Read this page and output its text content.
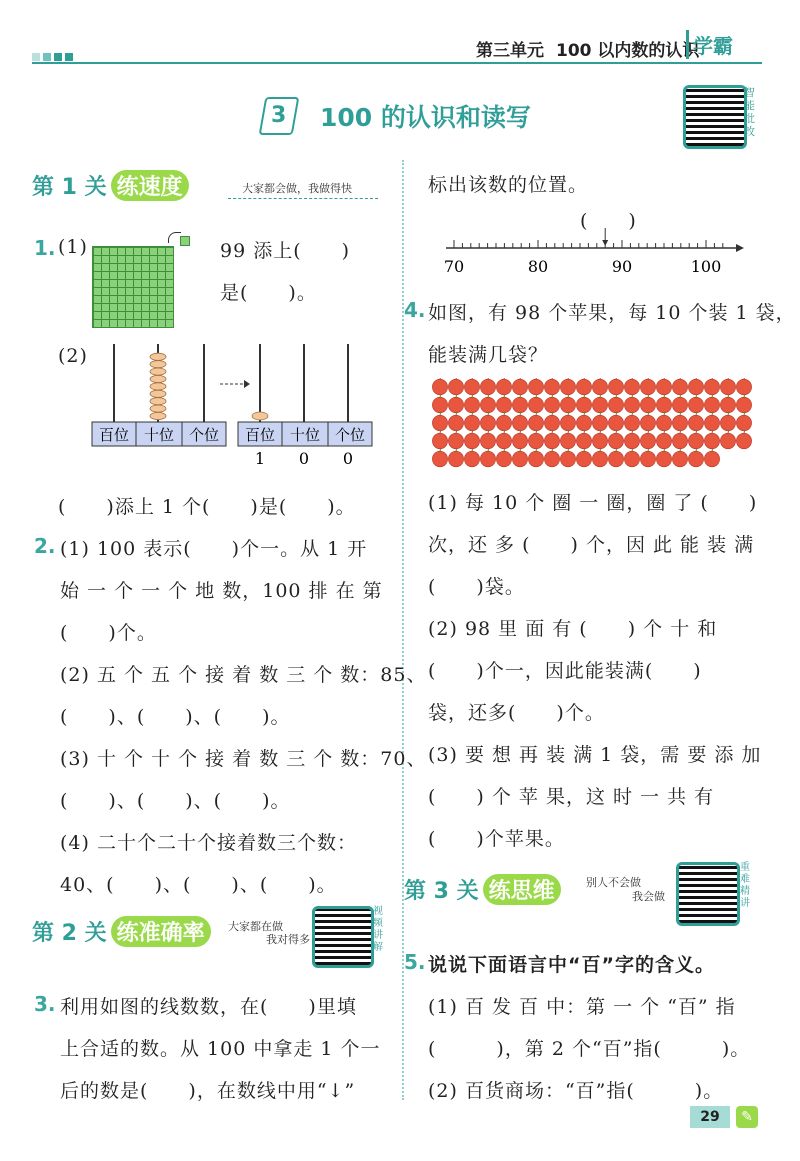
第三单元 100 以内数的认识
学霸
3	100 的认识和读写
智能批改
第 1 关 练速度	大家都会做，我做得快
1. (1)	99 添上(　　)
是(　　)。
(2)
百位 十位 个位 百位 十位 个位
1 0 0
(　　)添上 1 个(　　)是(　　)。
2. (1) 100 表示(　　)个一。从 1 开
始 一 个 一 个 地 数，100 排 在 第
(　　)个。
(2) 五 个 五 个 接 着 数 三 个 数：85、
(　　)、(　　)、(　　)。
(3) 十 个 十 个 接 着 数 三 个 数：70、
(　　)、(　　)、(　　)。
(4) 二十个二十个接着数三个数：
40、(　　)、(　　)、(　　)。
第 2 关 练准确率	大家都在做
我对得多
视频讲解
3. 利用如图的线数数，在(　　)里填
上合适的数。从 100 中拿走 1 个一
后的数是(　　)，在数线中用“↓”
标出该数的位置。
(　　)
70	80	90	100
4. 如图，有 98 个苹果，每 10 个装 1 袋，
能装满几袋？
(1) 每 10 个 圈 一 圈，圈 了 (　　)
次，还 多 (　　) 个，因 此 能 装 满
(　　)袋。
(2) 98 里 面 有 (　　) 个 十 和
(　　)个一，因此能装满(　　)
袋，还多(　　)个。
(3) 要 想 再 装 满 1 袋，需 要 添 加
(　　) 个 苹 果，这 时 一 共 有
(　　)个苹果。
第 3 关 练思维	别人不会做
我会做
重难精讲
5. 说说下面语言中“百”字的含义。
(1) 百 发 百 中：第 一 个 “百” 指
(　　　)，第 2 个“百”指(　　　)。
(2) 百货商场：“百”指(　　　)。
29	✎
